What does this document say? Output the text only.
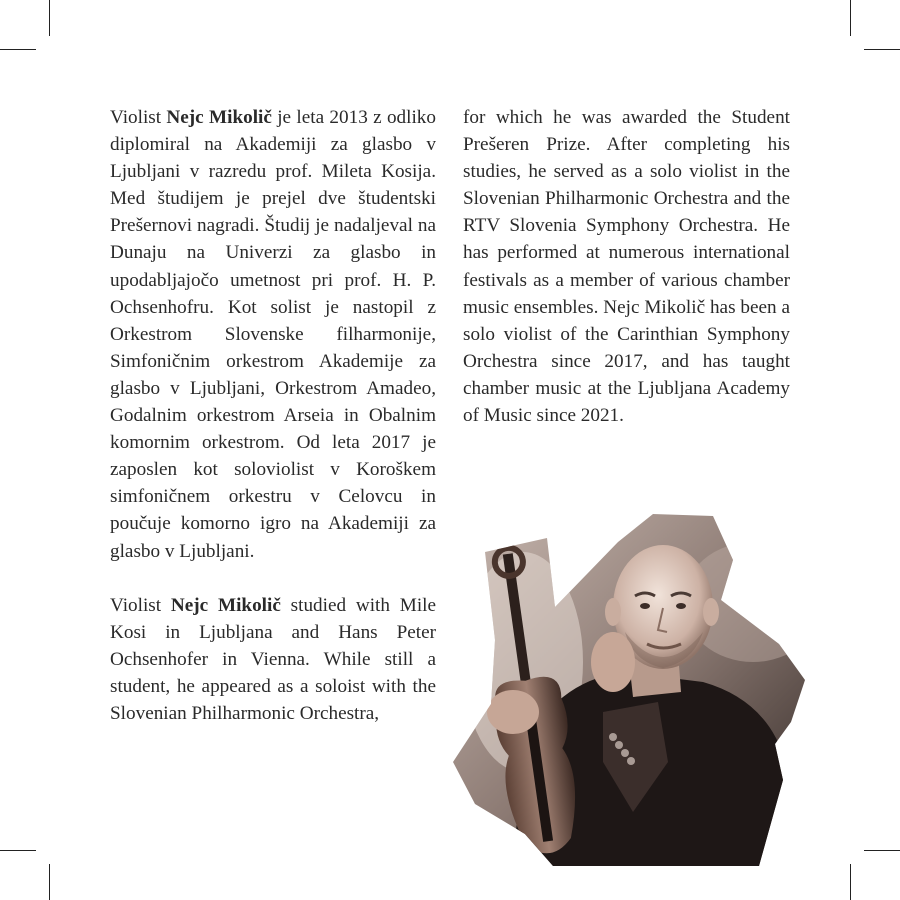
Violist Nejc Mikolič je leta 2013 z odliko diplomiral na Akademiji za glasbo v Ljubljani v razredu prof. Mileta Kosija. Med študijem je prejel dve študentski Prešernovi nagradi. Študij je nadaljeval na Dunaju na Univerzi za glasbo in upodabljajočo umetnost pri prof. H. P. Ochsenhofru. Kot solist je nastopil z Orkestrom Slovenske filharmonije, Simfoničnim orkestrom Akademije za glasbo v Ljubljani, Orkestrom Amadeo, Godalnim orkestrom Arseia in Obalnim komornim orkestrom. Od leta 2017 je zaposlen kot soloviolist v Koroškem simfoničnem orkestru v Celovcu in poučuje komorno igro na Akademiji za glasbo v Ljubljani.

Violist Nejc Mikolič studied with Mile Kosi in Ljubljana and Hans Peter Ochsenhofer in Vienna. While still a student, he appeared as a soloist with the Slovenian Philharmonic Orchestra,

for which he was awarded the Student Prešeren Prize. After completing his studies, he served as a solo violist in the Slovenian Philharmonic Orchestra and the RTV Slovenia Symphony Orchestra. He has performed at numerous international festivals as a member of various chamber music ensembles. Nejc Mikolič has been a solo violist of the Carinthian Symphony Orchestra since 2017, and has taught chamber music at the Ljubljana Academy of Music since 2021.
